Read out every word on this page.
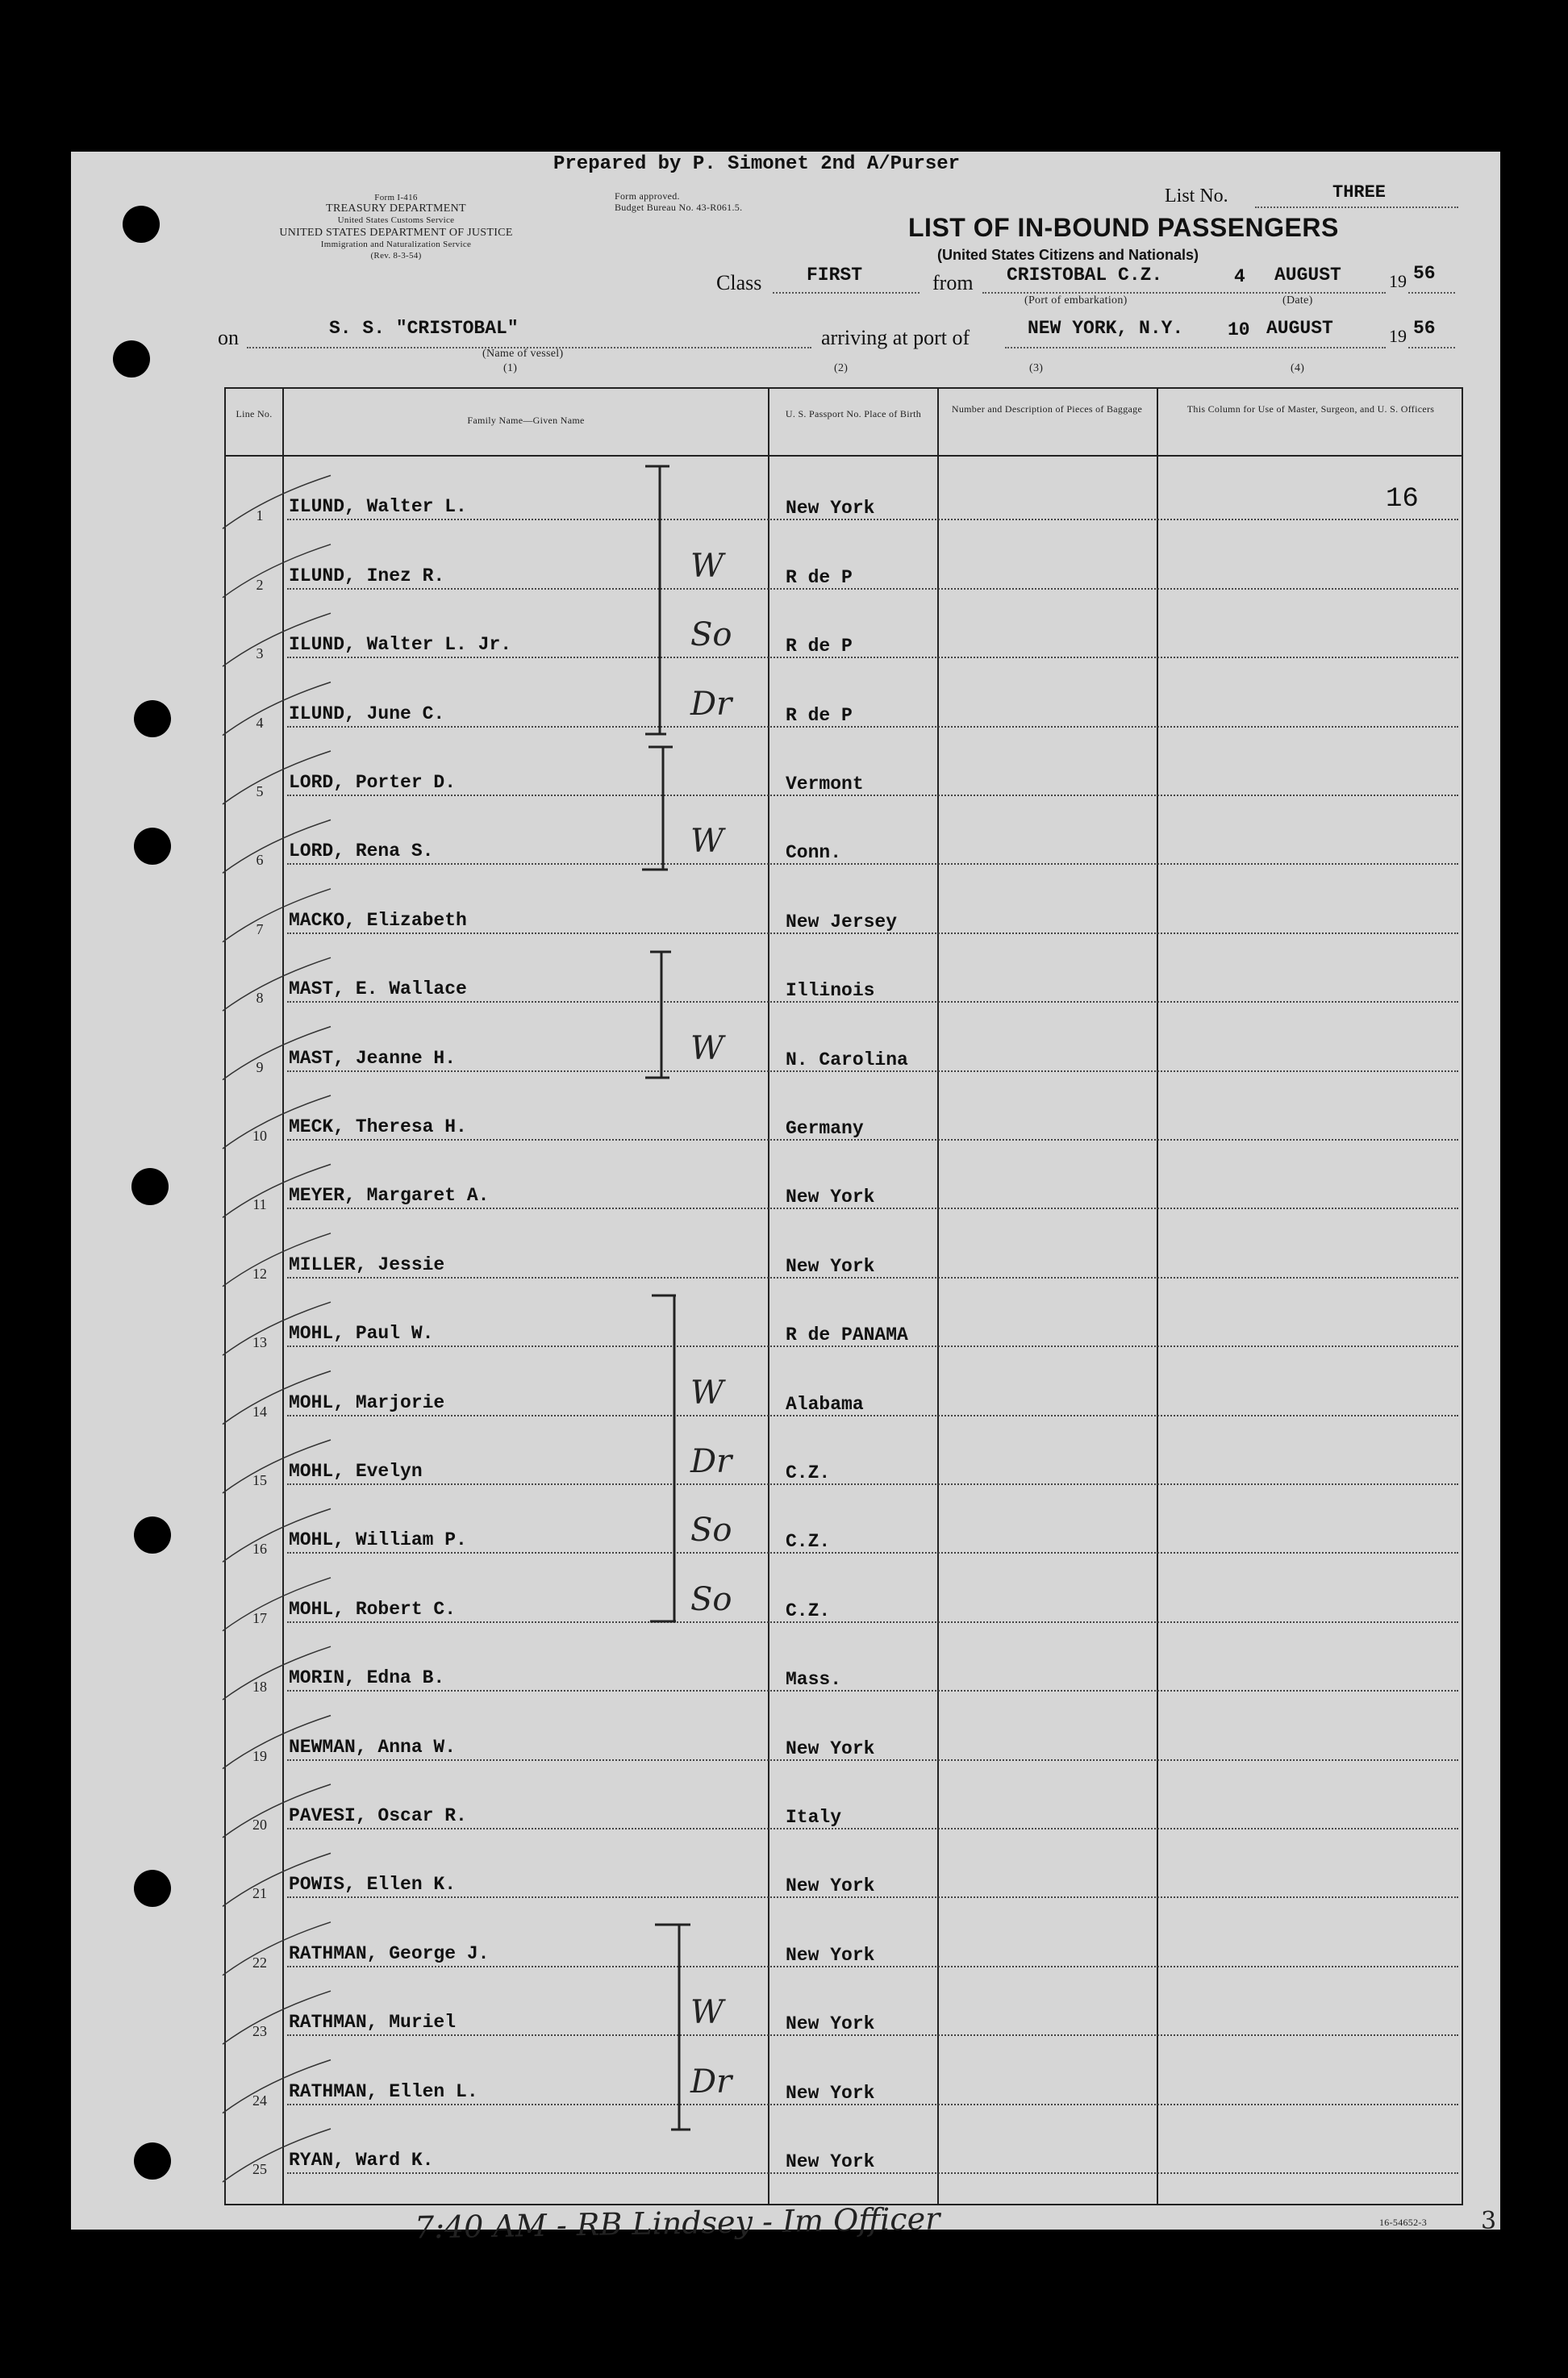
Prepared by P. Simonet 2nd A/Purser
Form I-416
TREASURY DEPARTMENT
United States Customs Service
UNITED STATES DEPARTMENT OF JUSTICE
Immigration and Naturalization Service
(Rev. 8-3-54)
Form approved.
Budget Bureau No. 43-R061.5.
List No.	THREE
LIST OF IN-BOUND PASSENGERS
(United States Citizens and Nationals)
Class FIRST	from CRISTOBAL C.Z.	4 AUGUST	19 56
(Port of embarkation)	(Date)
on	S. S. "CRISTOBAL"
(Name of vessel)
(1)
arriving at port of	NEW YORK, N.Y. 10 AUGUST	19 56
(2)	(3)	(4)
Line No.
Family Name—Given Name
U. S. Passport No. Place of Birth	Number and Description of Pieces of Baggage	This Column for Use of Master, Surgeon, and U. S. Officers
1	ILUND, Walter L.	New York
2	ILUND, Inez R.	R de P
3	ILUND, Walter L. Jr.	R de P
4	ILUND, June C.	R de P
5	LORD, Porter D.	Vermont
6	LORD, Rena S.	Conn.
7	MACKO, Elizabeth	New Jersey
8	MAST, E. Wallace	Illinois
9	MAST, Jeanne H.	N. Carolina
10	MECK, Theresa H.	Germany
11	MEYER, Margaret A.	New York
12	MILLER, Jessie	New York
13	MOHL, Paul W.	R de PANAMA
14	MOHL, Marjorie	Alabama
15	MOHL, Evelyn	C.Z.
16	MOHL, William P.	C.Z.
17	MOHL, Robert C.	C.Z.
18	MORIN, Edna B.	Mass.
19	NEWMAN, Anna W.	New York
20	PAVESI, Oscar R.	Italy
21	POWIS, Ellen K.	New York
22	RATHMAN, George J.	New York
23	RATHMAN, Muriel	New York
24	RATHMAN, Ellen L.	New York
25	RYAN, Ward K.	New York
16
W
So
Dr
W
W
W
Dr
So
So
W
Dr
7:40 AM - RB Lindsey - Im Officer	16-54652-3 3
